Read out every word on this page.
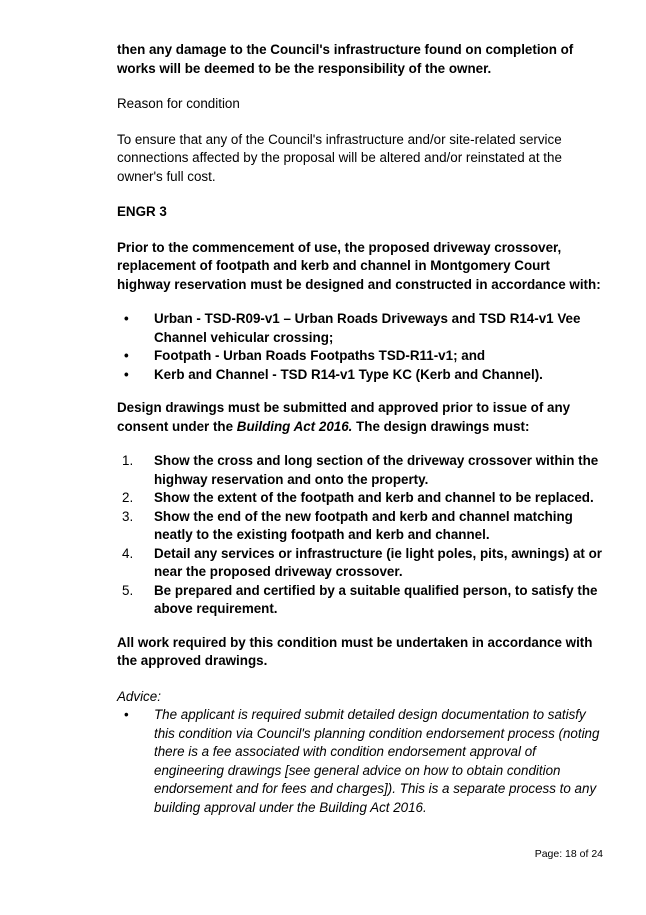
then any damage to the Council's infrastructure found on completion of works will be deemed to be the responsibility of the owner.

Reason for condition

To ensure that any of the Council's infrastructure and/or site-related service connections affected by the proposal will be altered and/or reinstated at the owner's full cost.

ENGR 3

Prior to the commencement of use, the proposed driveway crossover, replacement of footpath and kerb and channel in Montgomery Court highway reservation must be designed and constructed in accordance with:

• Urban - TSD-R09-v1 – Urban Roads Driveways and TSD R14-v1 Vee Channel vehicular crossing;
• Footpath - Urban Roads Footpaths TSD-R11-v1; and
• Kerb and Channel - TSD R14-v1 Type KC (Kerb and Channel).

Design drawings must be submitted and approved prior to issue of any consent under the Building Act 2016. The design drawings must:

1. Show the cross and long section of the driveway crossover within the highway reservation and onto the property.
2. Show the extent of the footpath and kerb and channel to be replaced.
3. Show the end of the new footpath and kerb and channel matching neatly to the existing footpath and kerb and channel.
4. Detail any services or infrastructure (ie light poles, pits, awnings) at or near the proposed driveway crossover.
5. Be prepared and certified by a suitable qualified person, to satisfy the above requirement.

All work required by this condition must be undertaken in accordance with the approved drawings.

Advice:

• The applicant is required submit detailed design documentation to satisfy this condition via Council's planning condition endorsement process (noting there is a fee associated with condition endorsement approval of engineering drawings [see general advice on how to obtain condition endorsement and for fees and charges]). This is a separate process to any building approval under the Building Act 2016.
Page: 18 of 24
